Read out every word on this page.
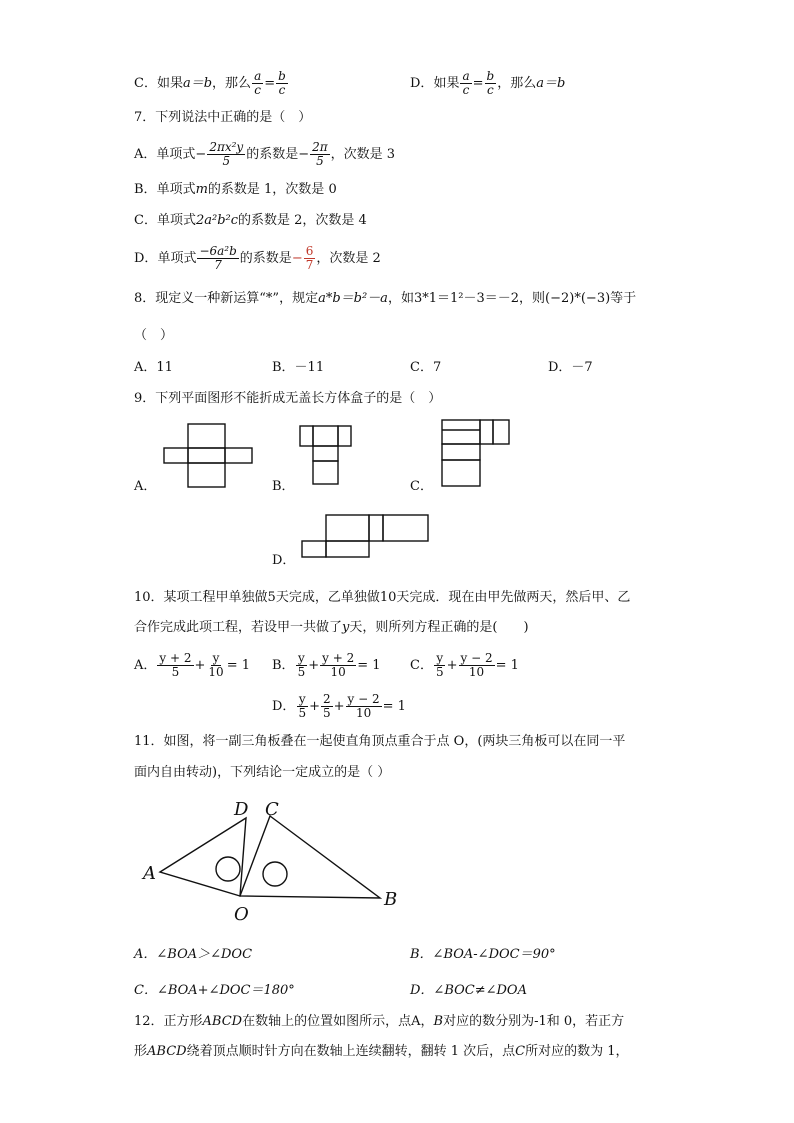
C．如果a＝b，那么 $\frac{a}{c} = \frac{b}{c}$	D．如果 $\frac{a}{c} = \frac{b}{c}$ ，那么a＝b
7．下列说法中正确的是（　）
A．单项式− $\frac{\text{2πx²y}}{5}$ 的系数是− $\frac{2\pi}{5}$ ，次数是 3
B．单项式m的系数是 1，次数是 0
C．单项式2a²b²c的系数是 2，次数是 4
D．单项式 $\frac{\text{−6a²b}}{7}$ 的系数是− $\frac{6}{7}$ ，次数是 2
8．现定义一种新运算“*”，规定a*b＝b²－a，如3*1＝1²－3＝－2，则(−2)*(−3)等于
（　）
A．11	B．－11	C．7	D．－7
9．下列平面图形不能折成无盖长方体盒子的是（　）
A．	B．	C．
D．
10．某项工程甲单独做5天完成，乙单独做10天完成．现在由甲先做两天，然后甲、乙
合作完成此项工程，若设甲一共做了y天，则所列方程正确的是(　　)
A． $\frac{y + 2}{5} + \frac{y}{10} = 1$ B． $\frac{y}{5} + \frac{y + 2}{10} = 1$ C． $\frac{y}{5} + \frac{y - 2}{10} = 1$
D． $\frac{y}{5} + \frac{2}{5} + \frac{y - 2}{10} = 1$
11．如图，将一副三角板叠在一起使直角顶点重合于点 O，(两块三角板可以在同一平
面内自由转动)，下列结论一定成立的是（ ）
A
B
C
D
O
A．∠BOA＞∠DOC	B．∠BOA-∠DOC＝90°
C．∠BOA+∠DOC＝180°	D．∠BOC≠∠DOA
12．正方形ABCD在数轴上的位置如图所示，点A，B对应的数分别为-1和 0，若正方
形ABCD绕着顶点顺时针方向在数轴上连续翻转，翻转 1 次后，点C所对应的数为 1，
